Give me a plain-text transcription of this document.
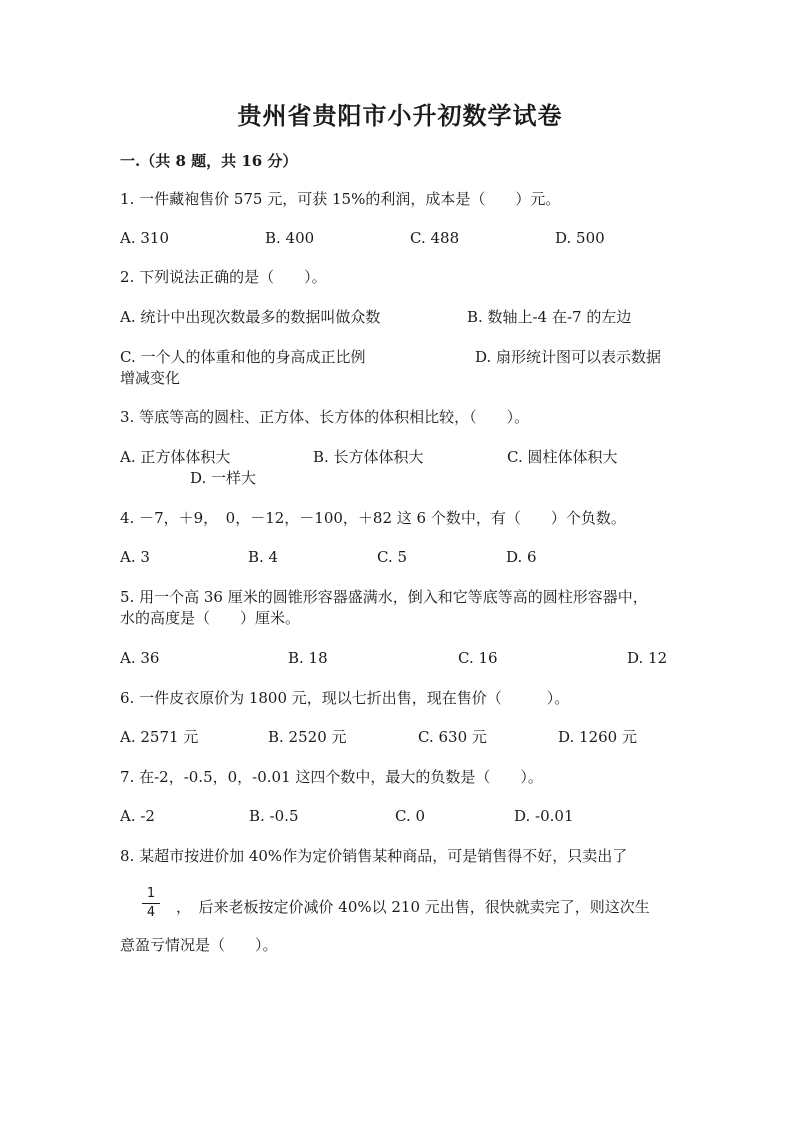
贵州省贵阳市小升初数学试卷
一.（共 8 题，共 16 分）
1. 一件藏袍售价 575 元，可获 15%的利润，成本是（　　）元。
A. 310	B. 400	C. 488	D. 500
2. 下列说法正确的是（　　）。
A. 统计中出现次数最多的数据叫做众数	B. 数轴上-4 在-7 的左边
C. 一个人的体重和他的身高成正比例	D. 扇形统计图可以表示数据
增减变化
3. 等底等高的圆柱、正方体、长方体的体积相比较，（　　）。
A. 正方体体积大	B. 长方体体积大	C. 圆柱体体积大
D. 一样大
4. －7，＋9，　0，－12，－100，＋82 这 6 个数中，有（　　）个负数。
A. 3	B. 4	C. 5	D. 6
5. 用一个高 36 厘米的圆锥形容器盛满水，倒入和它等底等高的圆柱形容器中，
水的高度是（　　）厘米。
A. 36	B. 18	C. 16	D. 12
6. 一件皮衣原价为 1800 元，现以七折出售，现在售价（　　　）。
A. 2571 元	B. 2520 元	C. 630 元	D. 1260 元
7. 在-2，-0.5，0，-0.01 这四个数中，最大的负数是（　　）。
A. -2	B. -0.5	C. 0	D. -0.01
8. 某超市按进价加 40%作为定价销售某种商品，可是销售得不好，只卖出了
1
4	，　后来老板按定价减价 40%以 210 元出售，很快就卖完了，则这次生
意盈亏情况是（　　）。
